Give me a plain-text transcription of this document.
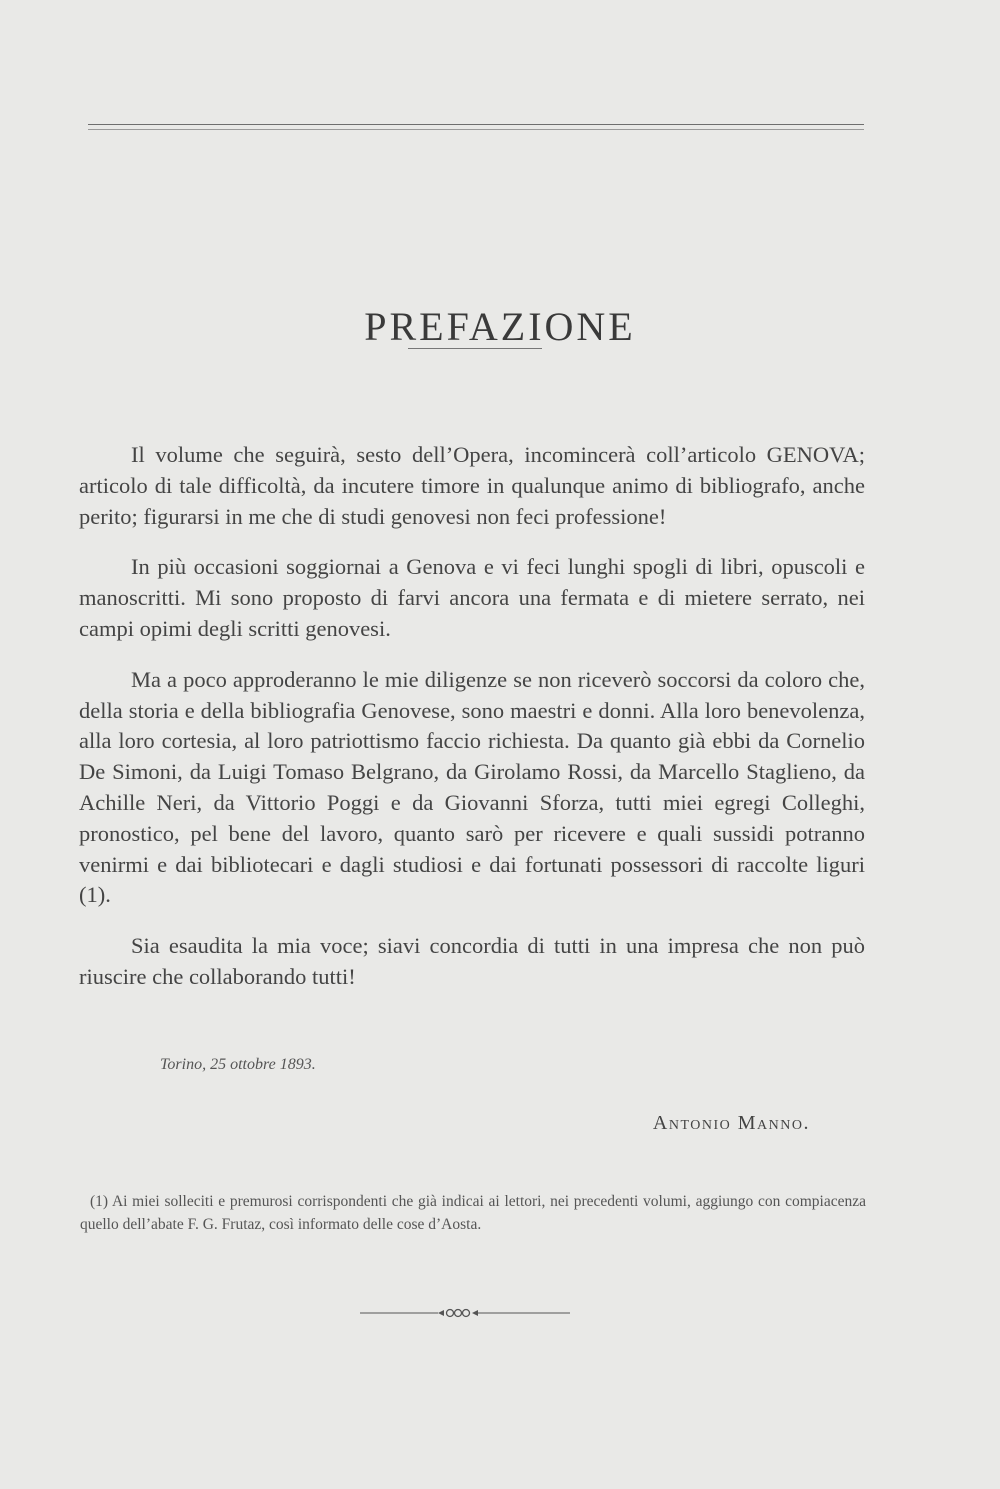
PREFAZIONE

Il volume che seguirà, sesto dell’Opera, incomincerà coll’articolo GENOVA; articolo di tale difficoltà, da incutere timore in qualunque animo di bibliografo, anche perito; figurarsi in me che di studi genovesi non feci professione!

In più occasioni soggiornai a Genova e vi feci lunghi spogli di libri, opuscoli e manoscritti. Mi sono proposto di farvi ancora una fermata e di mietere serrato, nei campi opimi degli scritti genovesi.

Ma a poco approderanno le mie diligenze se non riceverò soccorsi da coloro che, della storia e della bibliografia Genovese, sono maestri e donni. Alla loro benevolenza, alla loro cortesia, al loro patriottismo faccio richiesta. Da quanto già ebbi da Cornelio De Simoni, da Luigi Tomaso Belgrano, da Girolamo Rossi, da Marcello Staglieno, da Achille Neri, da Vittorio Poggi e da Giovanni Sforza, tutti miei egregi Colleghi, pronostico, pel bene del lavoro, quanto sarò per ricevere e quali sussidi potranno venirmi e dai bibliotecari e dagli studiosi e dai fortunati possessori di raccolte liguri (1).

Sia esaudita la mia voce; siavi concordia di tutti in una impresa che non può riuscire che collaborando tutti!

Torino, 25 ottobre 1893.
Antonio Manno.
(1) Ai miei solleciti e premurosi corrispondenti che già indicai ai lettori, nei precedenti volumi, aggiungo con compiacenza quello dell’abate F. G. Frutaz, così informato delle cose d’Aosta.
